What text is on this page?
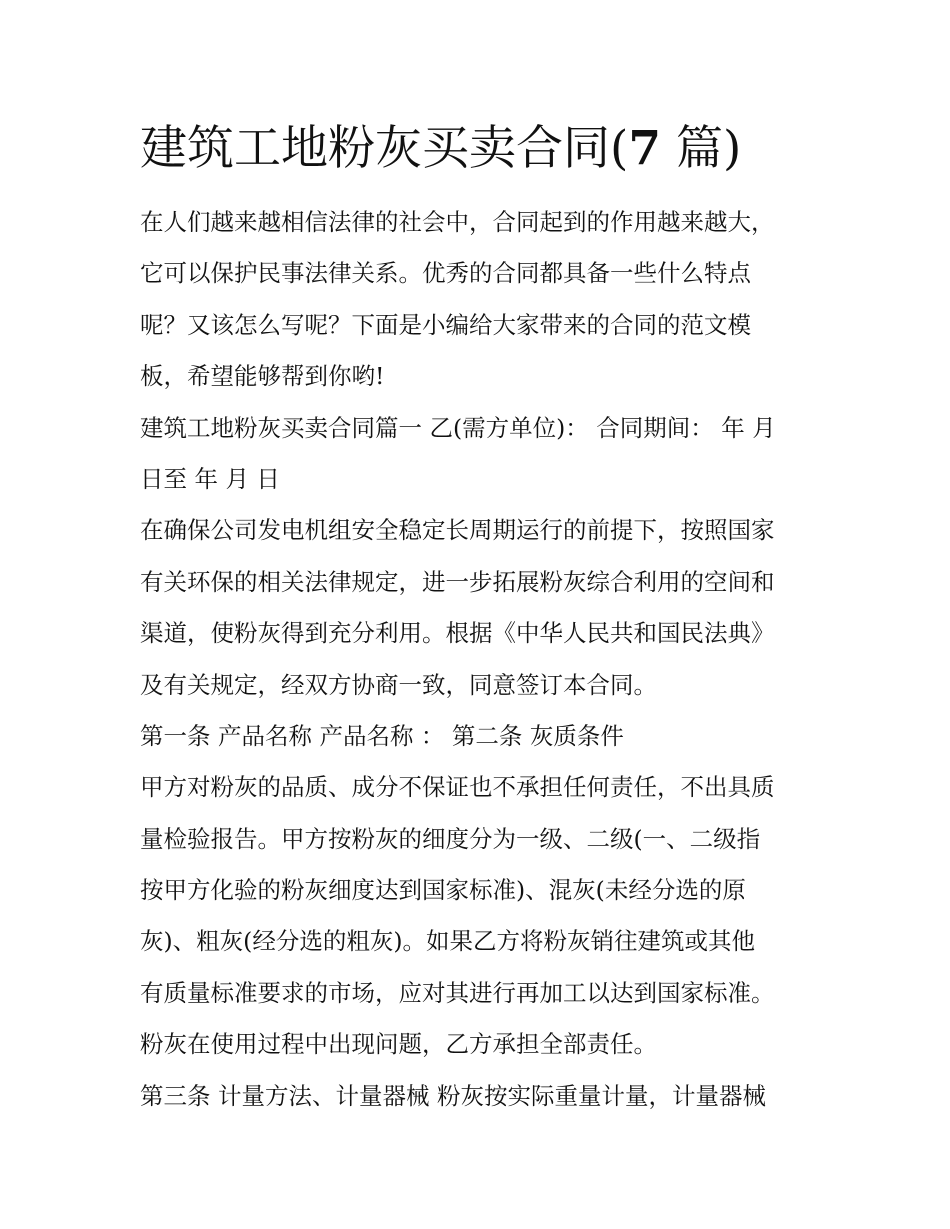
建筑工地粉灰买卖合同(7 篇)

在人们越来越相信法律的社会中，合同起到的作用越来越大，

它可以保护民事法律关系。优秀的合同都具备一些什么特点

呢？又该怎么写呢？下面是小编给大家带来的合同的范文模

板，希望能够帮到你哟!

建筑工地粉灰买卖合同篇一 乙(需方单位)： 合同期间： 年 月

日至 年 月 日

在确保公司发电机组安全稳定长周期运行的前提下，按照国家

有关环保的相关法律规定，进一步拓展粉灰综合利用的空间和

渠道，使粉灰得到充分利用。根据《中华人民共和国民法典》

及有关规定，经双方协商一致，同意签订本合同。

第一条 产品名称 产品名称 ： 第二条 灰质条件

甲方对粉灰的品质、成分不保证也不承担任何责任，不出具质

量检验报告。甲方按粉灰的细度分为一级、二级(一、二级指

按甲方化验的粉灰细度达到国家标准)、混灰(未经分选的原

灰)、粗灰(经分选的粗灰)。如果乙方将粉灰销往建筑或其他

有质量标准要求的市场，应对其进行再加工以达到国家标准。

粉灰在使用过程中出现问题，乙方承担全部责任。

第三条 计量方法、计量器械 粉灰按实际重量计量，计量器械
